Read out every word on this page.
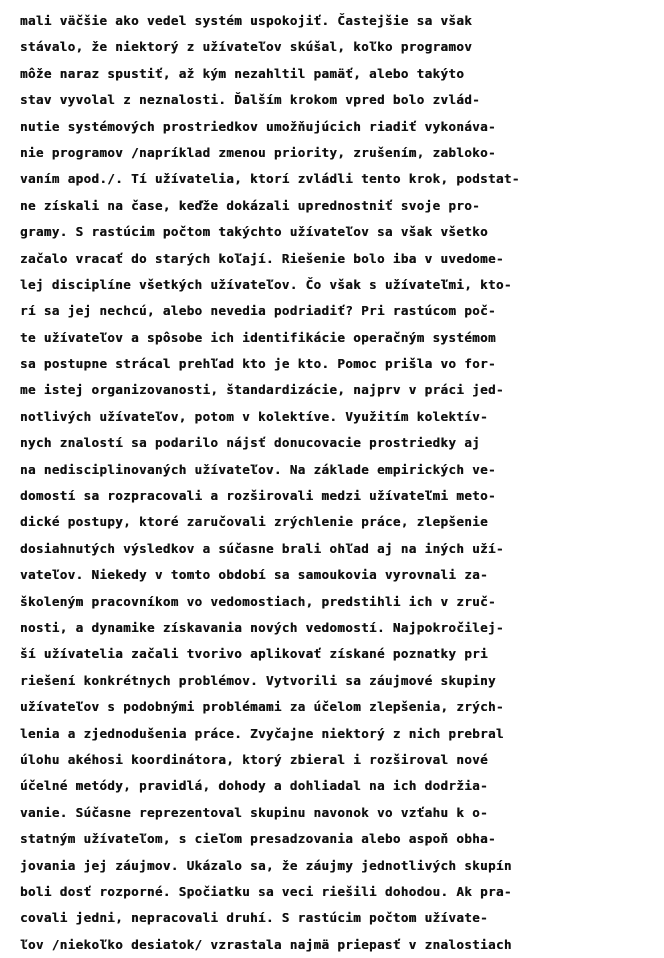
mali väčšie ako vedel systém uspokojiť. Častejšie sa však
stávalo, že niektorý z užívateľov skúšal, koľko programov
môže naraz spustiť, až kým nezahltil pamäť, alebo takýto
stav vyvolal z neznalosti. Ďalším krokom vpred bolo zvlád-
nutie systémových prostriedkov umožňujúcich riadiť vykonáva-
nie programov /napríklad zmenou priority, zrušením, zablokо-
vaním apod./. Tí užívatelia, ktorí zvládli tento krok, podstat-
ne získali na čase, keďže dokázali uprednostniť svoje pro-
gramy. S rastúcim počtom takýchto užívateľov sa však všetko
začalo vracať do starých koľají. Riešenie bolo iba v uvedome-
lej disciplíne všetkých užívateľov. Čo však s užívateľmi, kto-
rí sa jej nechcú, alebo nevedia podriadiť? Pri rastúcom poč-
te užívateľov a spôsobe ich identifikácie operačným systémom
sa postupne strácal prehľad kto je kto. Pomoc prišla vo for-
me istej organizovanosti, štandardizácie, najprv v práci jed-
notlivých užívateľov, potom v kolektíve. Využitím kolektív-
nych znalostí sa podarilo nájsť donucovacie prostriedky aj
na nedisciplinovaných užívateľov. Na základe empirických ve-
domostí sa rozpracovali a rozširovali medzi užívateľmi meto-
dické postupy, ktoré zaručovali zrýchlenie práce, zlepšenie
dosiahnutých výsledkov a súčasne brali ohľad aj na iných uží-
vateľov. Niekedy v tomto období sa samoukovia vyrovnali za-
školeným pracovníkom vo vedomostiach, predstihli ich v zruč-
nosti, a dynamike získavania nových vedomostí. Najpokročilej-
ší užívatelia začali tvorivo aplikovať získané poznatky pri
riešení konkrétnych problémov. Vytvorili sa záujmové skupiny
užívateľov s podobnými problémami za účelom zlepšenia, zrých-
lenia a zjednodušenia práce. Zvyčajne niektorý z nich prebral
úlohu akéhosi koordinátora, ktorý zbieral i rozširoval nové
účelné metódy, pravidlá, dohody a dohliadal na ich dodržia-
vanie. Súčasne reprezentoval skupinu navonok vo vzťahu k o-
statným užívateľom, s cieľom presadzovania alebo aspoň obha-
jovania jej záujmov. Ukázalo sa, že záujmy jednotlivých skupín
boli dosť rozporné. Spočiatku sa veci riešili dohodou. Ak pra-
covali jedni, nepracovali druhí. S rastúcim počtom užívate-
ľov /niekoľko desiatok/ vzrastala najmä priepasť v znalostiach
